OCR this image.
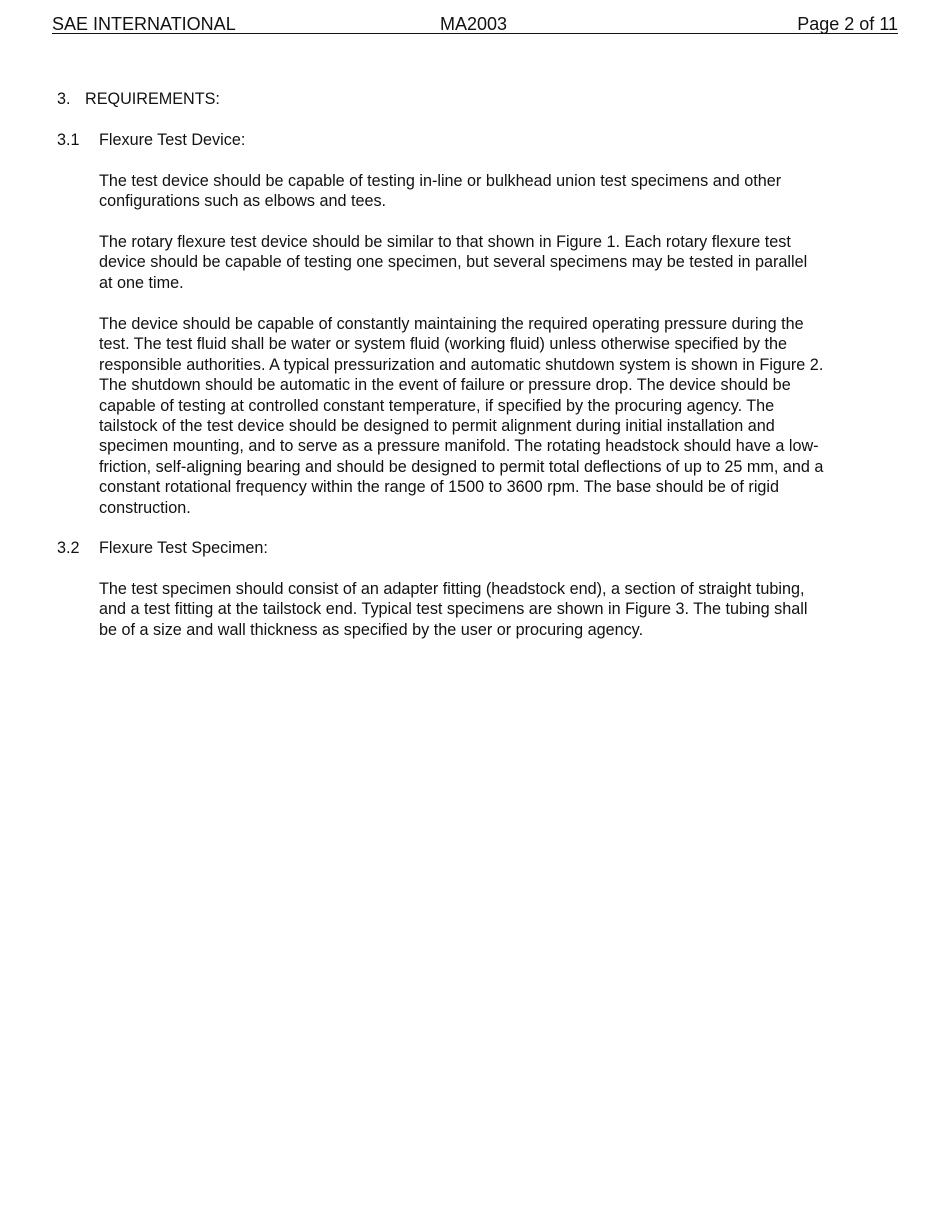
SAE INTERNATIONAL	MA2003	Page 2 of 11
3. REQUIREMENTS:
3.1 Flexure Test Device:
The test device should be capable of testing in-line or bulkhead union test specimens and other
configurations such as elbows and tees.
The rotary flexure test device should be similar to that shown in Figure 1. Each rotary flexure test
device should be capable of testing one specimen, but several specimens may be tested in parallel
at one time.
The device should be capable of constantly maintaining the required operating pressure during the
test. The test fluid shall be water or system fluid (working fluid) unless otherwise specified by the
responsible authorities. A typical pressurization and automatic shutdown system is shown in Figure 2.
The shutdown should be automatic in the event of failure or pressure drop. The device should be
capable of testing at controlled constant temperature, if specified by the procuring agency. The
tailstock of the test device should be designed to permit alignment during initial installation and
specimen mounting, and to serve as a pressure manifold. The rotating headstock should have a low-
friction, self-aligning bearing and should be designed to permit total deflections of up to 25 mm, and a
constant rotational frequency within the range of 1500 to 3600 rpm. The base should be of rigid
construction.
3.2 Flexure Test Specimen:
The test specimen should consist of an adapter fitting (headstock end), a section of straight tubing,
and a test fitting at the tailstock end. Typical test specimens are shown in Figure 3. The tubing shall
be of a size and wall thickness as specified by the user or procuring agency.
